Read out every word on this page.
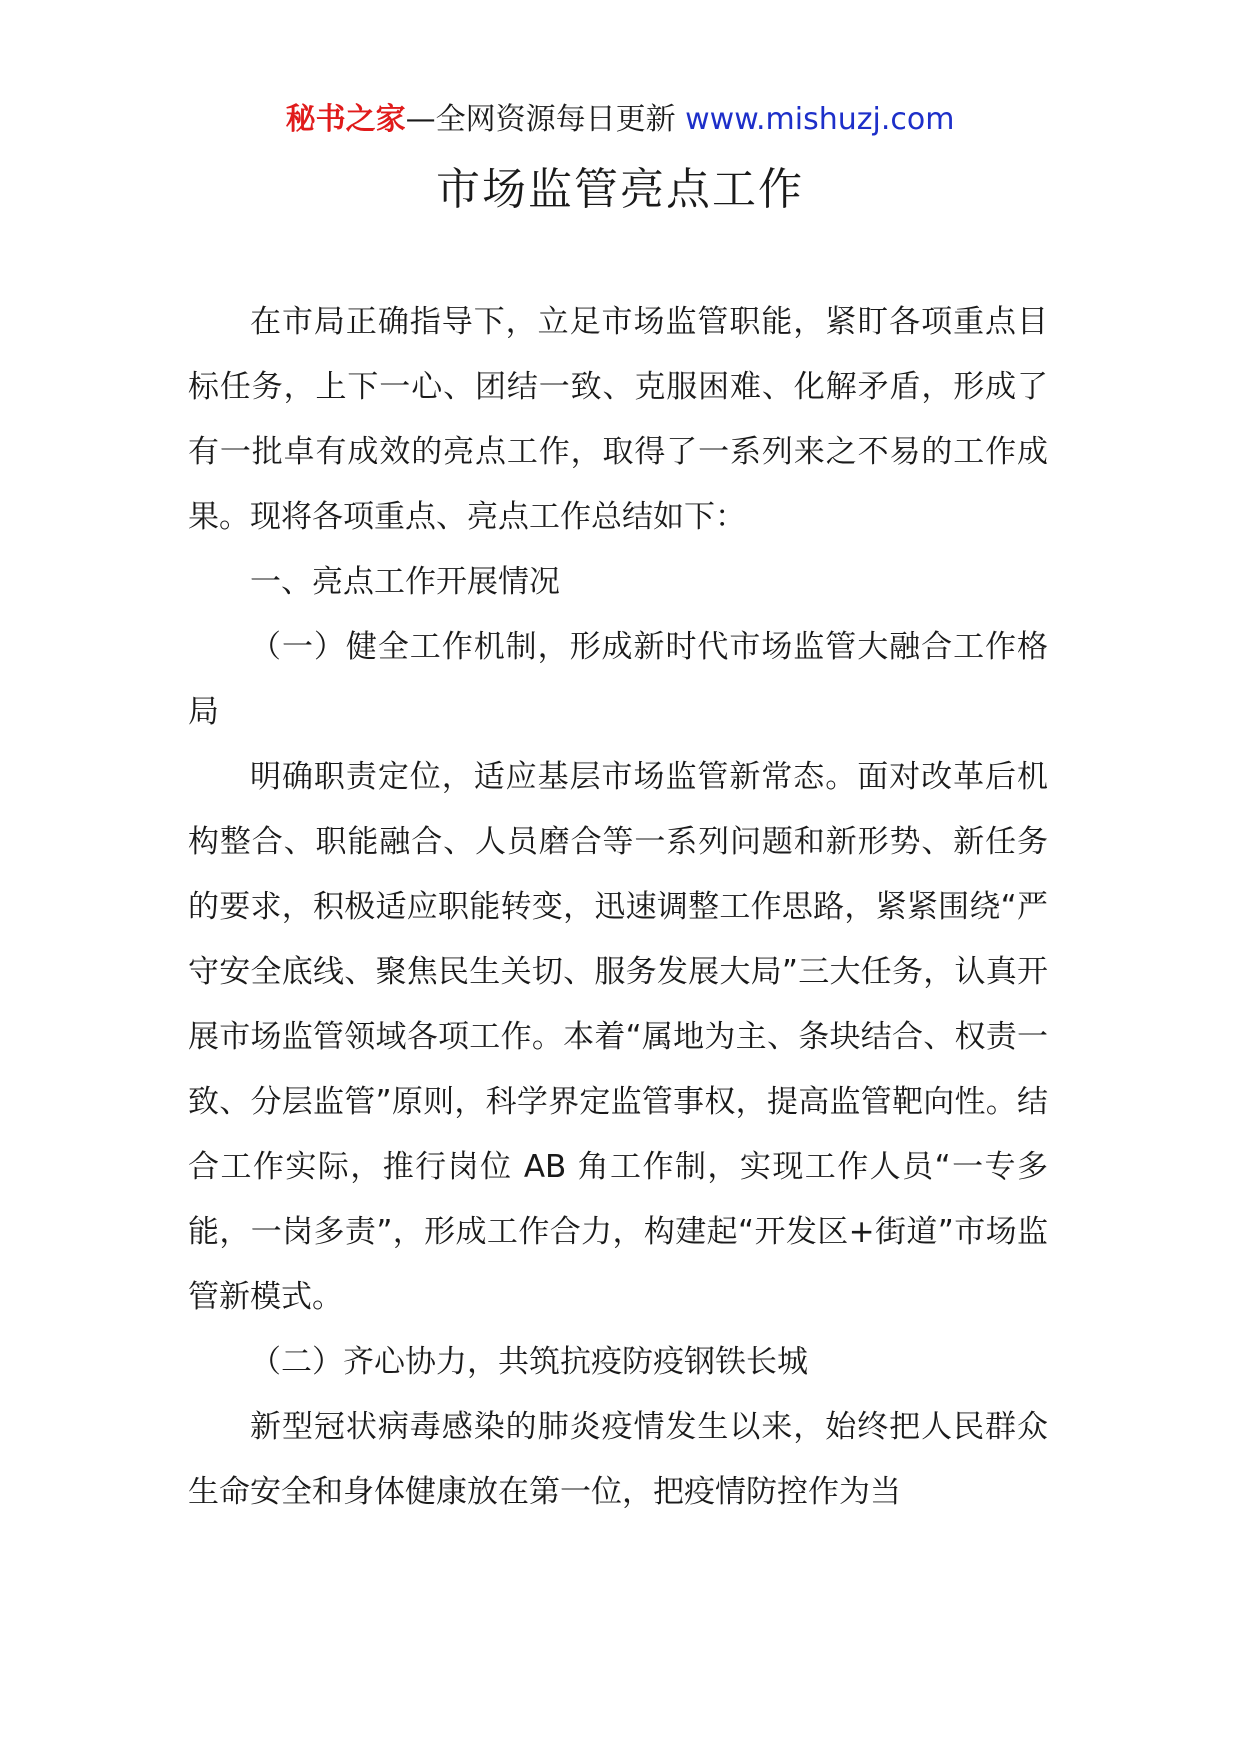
秘书之家—全网资源每日更新 www.mishuzj.com
市场监管亮点工作

在市局正确指导下，立足市场监管职能，紧盯各项重点目标任务，上下一心、团结一致、克服困难、化解矛盾，形成了有一批卓有成效的亮点工作，取得了一系列来之不易的工作成果。现将各项重点、亮点工作总结如下：

一、亮点工作开展情况

（一）健全工作机制，形成新时代市场监管大融合工作格局

明确职责定位，适应基层市场监管新常态。面对改革后机构整合、职能融合、人员磨合等一系列问题和新形势、新任务的要求，积极适应职能转变，迅速调整工作思路，紧紧围绕“严守安全底线、聚焦民生关切、服务发展大局”三大任务，认真开展市场监管领域各项工作。本着“属地为主、条块结合、权责一致、分层监管”原则，科学界定监管事权，提高监管靶向性。结合工作实际，推行岗位 AB 角工作制，实现工作人员“一专多能，一岗多责”，形成工作合力，构建起“开发区+街道”市场监管新模式。

（二）齐心协力，共筑抗疫防疫钢铁长城

新型冠状病毒感染的肺炎疫情发生以来，始终把人民群众生命安全和身体健康放在第一位，把疫情防控作为当
